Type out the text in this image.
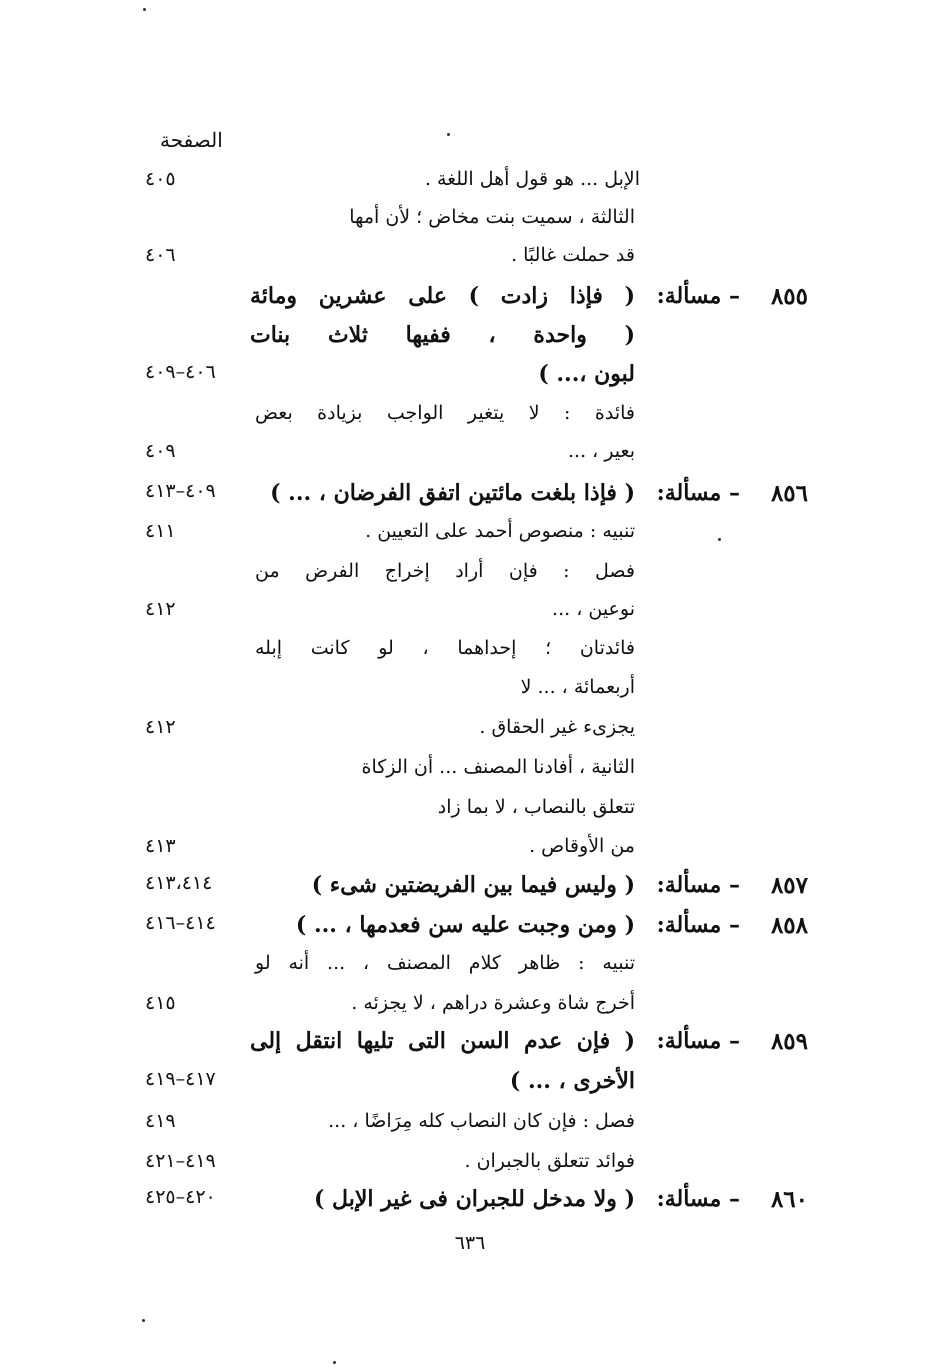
الصفحة
الإبل ... هو قول أهل اللغة .
٤٠٥
الثالثة ، سميت بنت مخاض ؛ لأن أمها
قد حملت غالبًا .
٤٠٦
٨٥٥
– مسألة:
( فإذا زادت ) على عشرين ومائة
( واحدة ، ففيها ثلاث بنات
لبون ،... )
٤٠٦–٤٠٩
فائدة : لا يتغير الواجب بزيادة بعض
بعير ، ...
٤٠٩
٨٥٦
– مسألة:
( فإذا بلغت مائتين اتفق الفرضان ، ... )
٤٠٩–٤١٣
تنبيه : منصوص أحمد على التعيين .
٤١١
فصل : فإن أراد إخراج الفرض من
نوعين ، ...
٤١٢
فائدتان ؛ إحداهما ، لو كانت إبله
أربعمائة ، ... لا
يجزىء غير الحقاق .
٤١٢
الثانية ، أفادنا المصنف ... أن الزكاة
تتعلق بالنصاب ، لا بما زاد
من الأوقاص .
٤١٣
٨٥٧
– مسألة:
( وليس فيما بين الفريضتين شىء )
٤١٣،٤١٤
٨٥٨
– مسألة:
( ومن وجبت عليه سن فعدمها ، ... )
٤١٤–٤١٦
تنبيه : ظاهر كلام المصنف ، ... أنه لو
أخرج شاة وعشرة دراهم ، لا يجزئه .
٤١٥
٨٥٩
– مسألة:
( فإن عدم السن التى تليها انتقل إلى
الأخرى ، ... )
٤١٧–٤١٩
فصل : فإن كان النصاب كله مِرَاضًا ، ...
٤١٩
فوائد تتعلق بالجبران .
٤١٩–٤٢١
٨٦٠
– مسألة:
( ولا مدخل للجبران فى غير الإبل )
٤٢٠–٤٢٥
٦٣٦
